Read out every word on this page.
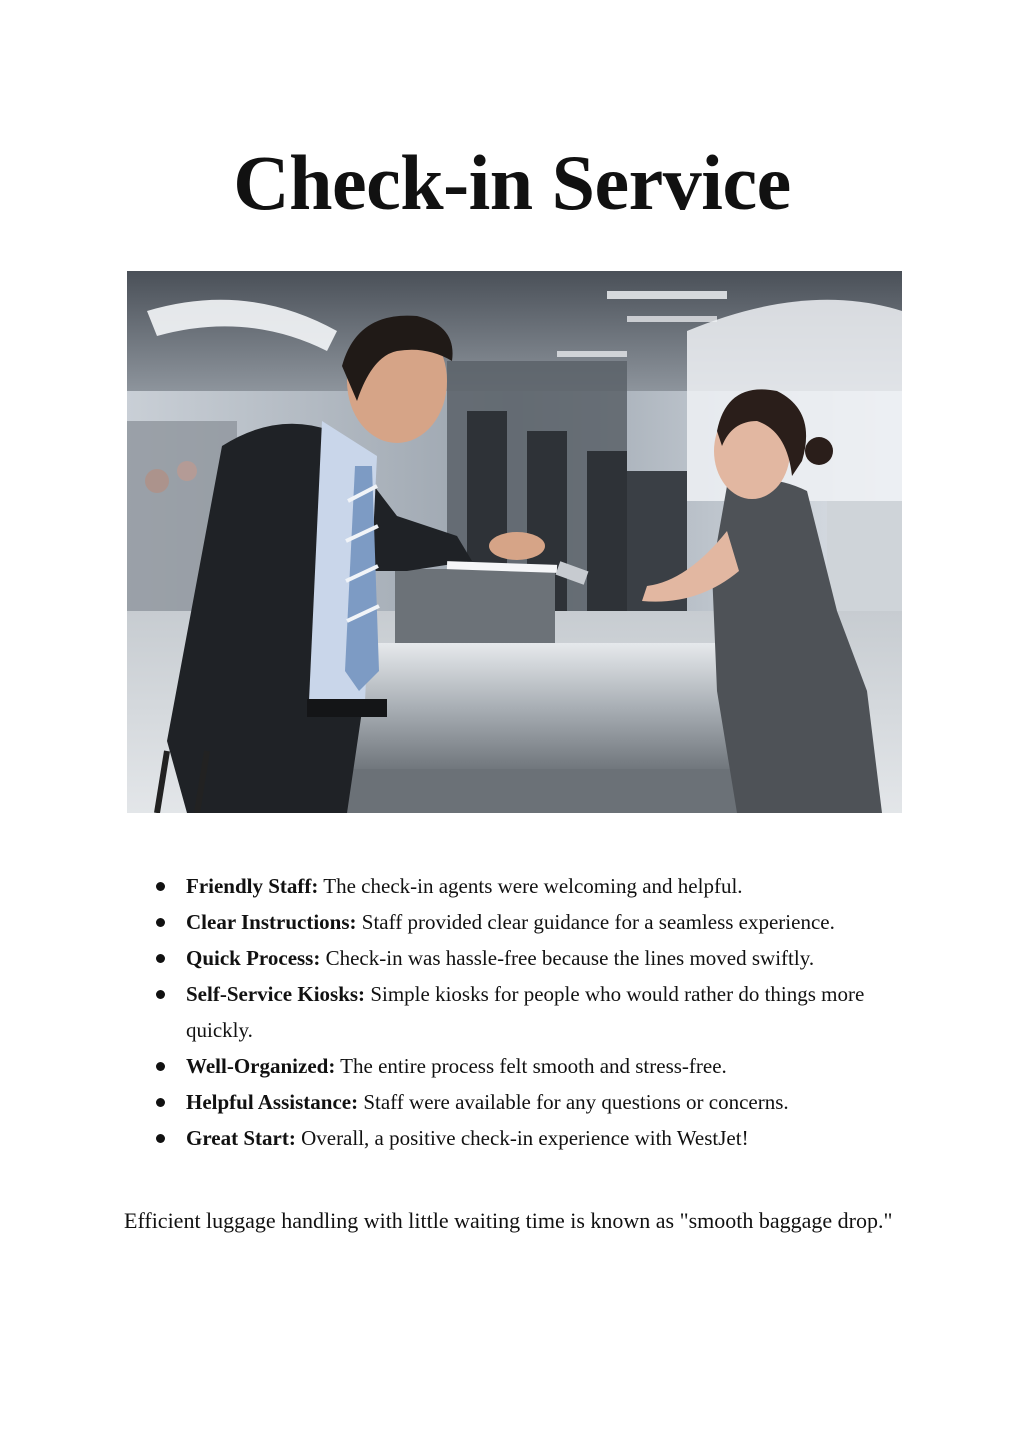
Check-in Service
Friendly Staff: The check-in agents were welcoming and helpful.
Clear Instructions: Staff provided clear guidance for a seamless experience.
Quick Process: Check-in was hassle-free because the lines moved swiftly.
Self-Service Kiosks: Simple kiosks for people who would rather do things more quickly.
Well-Organized: The entire process felt smooth and stress-free.
Helpful Assistance: Staff were available for any questions or concerns.
Great Start: Overall, a positive check-in experience with WestJet!

Efficient luggage handling with little waiting time is known as "smooth baggage drop."
